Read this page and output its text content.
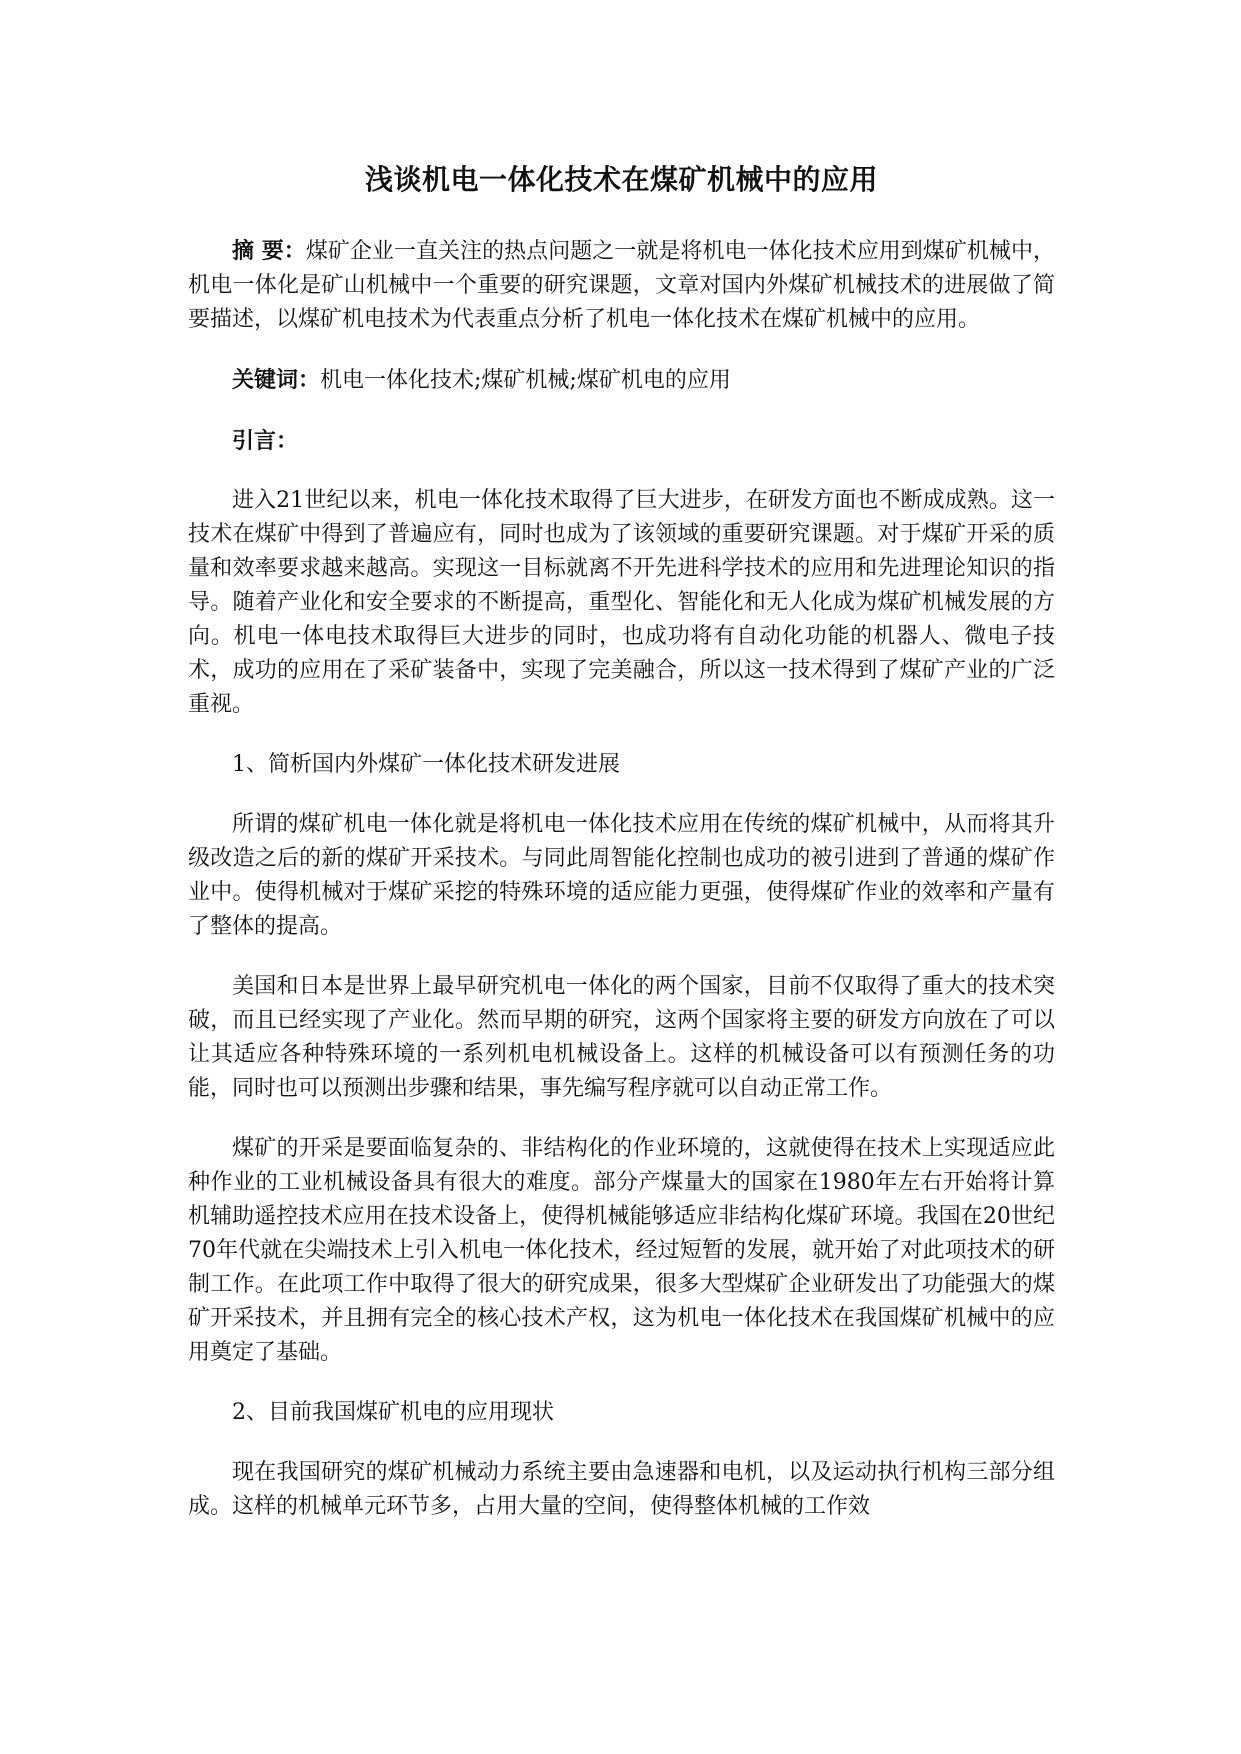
浅谈机电一体化技术在煤矿机械中的应用

摘 要：煤矿企业一直关注的热点问题之一就是将机电一体化技术应用到煤矿机械中，机电一体化是矿山机械中一个重要的研究课题，文章对国内外煤矿机械技术的进展做了简要描述，以煤矿机电技术为代表重点分析了机电一体化技术在煤矿机械中的应用。

关键词：机电一体化技术;煤矿机械;煤矿机电的应用

引言：

进入21世纪以来，机电一体化技术取得了巨大进步，在研发方面也不断成成熟。这一技术在煤矿中得到了普遍应有，同时也成为了该领域的重要研究课题。对于煤矿开采的质量和效率要求越来越高。实现这一目标就离不开先进科学技术的应用和先进理论知识的指导。随着产业化和安全要求的不断提高，重型化、智能化和无人化成为煤矿机械发展的方向。机电一体电技术取得巨大进步的同时，也成功将有自动化功能的机器人、微电子技术，成功的应用在了采矿装备中，实现了完美融合，所以这一技术得到了煤矿产业的广泛重视。

1、简析国内外煤矿一体化技术研发进展

所谓的煤矿机电一体化就是将机电一体化技术应用在传统的煤矿机械中，从而将其升级改造之后的新的煤矿开采技术。与同此周智能化控制也成功的被引进到了普通的煤矿作业中。使得机械对于煤矿采挖的特殊环境的适应能力更强，使得煤矿作业的效率和产量有了整体的提高。

美国和日本是世界上最早研究机电一体化的两个国家，目前不仅取得了重大的技术突破，而且已经实现了产业化。然而早期的研究，这两个国家将主要的研发方向放在了可以让其适应各种特殊环境的一系列机电机械设备上。这样的机械设备可以有预测任务的功能，同时也可以预测出步骤和结果，事先编写程序就可以自动正常工作。

煤矿的开采是要面临复杂的、非结构化的作业环境的，这就使得在技术上实现适应此种作业的工业机械设备具有很大的难度。部分产煤量大的国家在1980年左右开始将计算机辅助遥控技术应用在技术设备上，使得机械能够适应非结构化煤矿环境。我国在20世纪70年代就在尖端技术上引入机电一体化技术，经过短暂的发展，就开始了对此项技术的研制工作。在此项工作中取得了很大的研究成果，很多大型煤矿企业研发出了功能强大的煤矿开采技术，并且拥有完全的核心技术产权，这为机电一体化技术在我国煤矿机械中的应用奠定了基础。

2、目前我国煤矿机电的应用现状

现在我国研究的煤矿机械动力系统主要由急速器和电机，以及运动执行机构三部分组成。这样的机械单元环节多，占用大量的空间，使得整体机械的工作效
